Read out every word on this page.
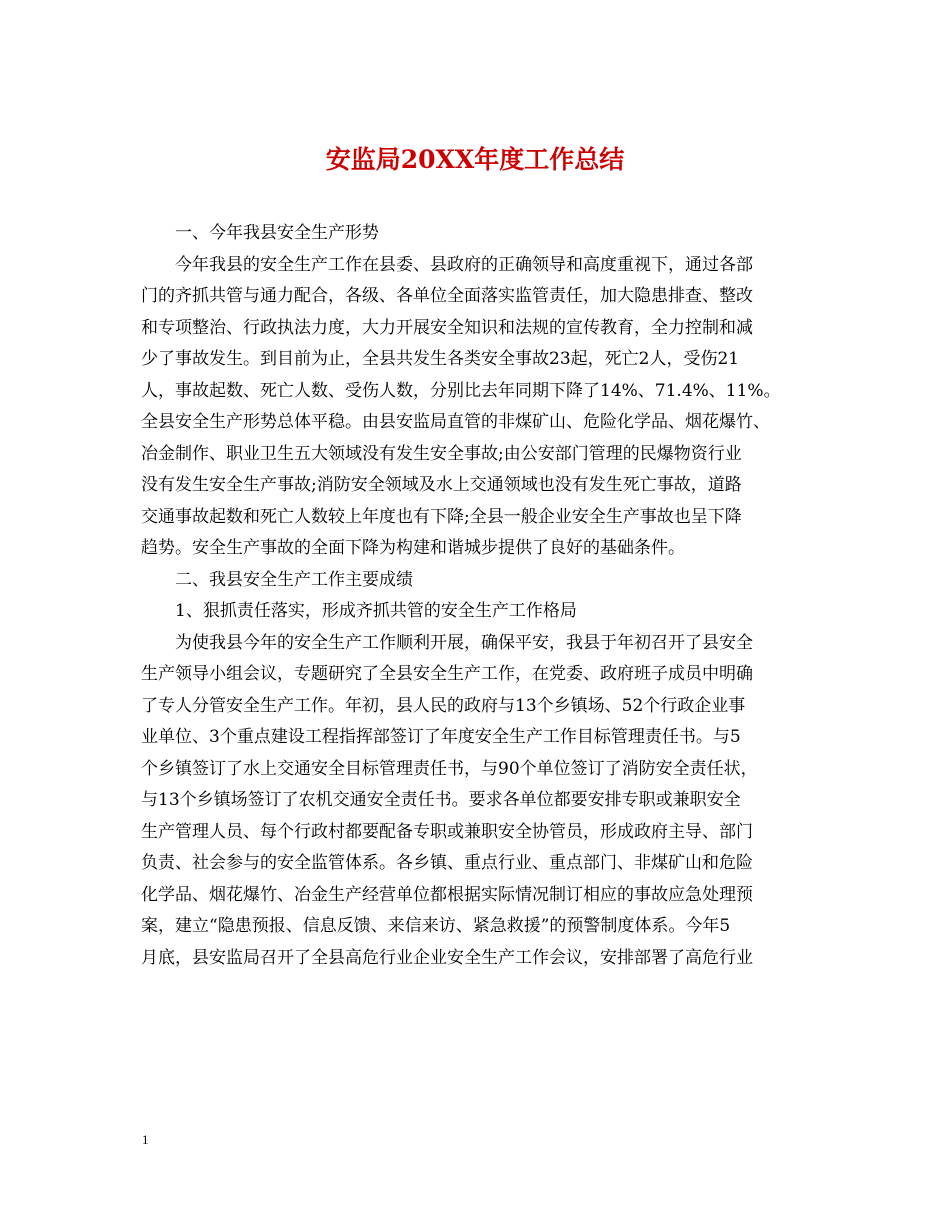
安监局20XX年度工作总结
一、今年我县安全生产形势
今年我县的安全生产工作在县委、县政府的正确领导和高度重视下，通过各部
门的齐抓共管与通力配合，各级、各单位全面落实监管责任，加大隐患排查、整改
和专项整治、行政执法力度，大力开展安全知识和法规的宣传教育，全力控制和减
少了事故发生。到目前为止，全县共发生各类安全事故23起，死亡2人，受伤21
人，事故起数、死亡人数、受伤人数，分别比去年同期下降了14%、71.4%、11%。
全县安全生产形势总体平稳。由县安监局直管的非煤矿山、危险化学品、烟花爆竹、
冶金制作、职业卫生五大领域没有发生安全事故;由公安部门管理的民爆物资行业
没有发生安全生产事故;消防安全领域及水上交通领域也没有发生死亡事故，道路
交通事故起数和死亡人数较上年度也有下降;全县一般企业安全生产事故也呈下降
趋势。安全生产事故的全面下降为构建和谐城步提供了良好的基础条件。
二、我县安全生产工作主要成绩
1、狠抓责任落实，形成齐抓共管的安全生产工作格局
为使我县今年的安全生产工作顺利开展，确保平安，我县于年初召开了县安全
生产领导小组会议，专题研究了全县安全生产工作，在党委、政府班子成员中明确
了专人分管安全生产工作。年初，县人民的政府与13个乡镇场、52个行政企业事
业单位、3个重点建设工程指挥部签订了年度安全生产工作目标管理责任书。与5
个乡镇签订了水上交通安全目标管理责任书，与90个单位签订了消防安全责任状，
与13个乡镇场签订了农机交通安全责任书。要求各单位都要安排专职或兼职安全
生产管理人员、每个行政村都要配备专职或兼职安全协管员，形成政府主导、部门
负责、社会参与的安全监管体系。各乡镇、重点行业、重点部门、非煤矿山和危险
化学品、烟花爆竹、冶金生产经营单位都根据实际情况制订相应的事故应急处理预
案，建立“隐患预报、信息反馈、来信来访、紧急救援”的预警制度体系。今年5
月底，县安监局召开了全县高危行业企业安全生产工作会议，安排部署了高危行业
1
